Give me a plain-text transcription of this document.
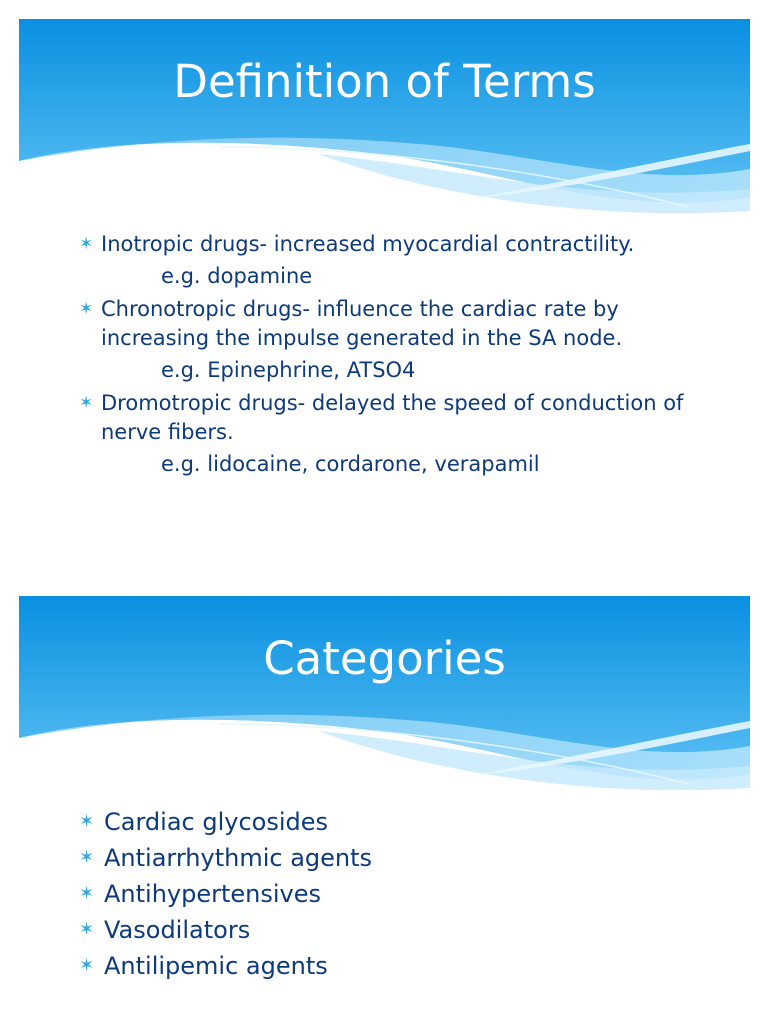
Definition of Terms
✶ Inotropic drugs- increased myocardial contractility.
e.g. dopamine
✶ Chronotropic drugs- influence the cardiac rate by increasing the impulse generated in the SA node.
e.g. Epinephrine, ATSO4
✶ Dromotropic drugs- delayed the speed of conduction of nerve fibers.
e.g. lidocaine, cordarone, verapamil
Categories
✶ Cardiac glycosides
✶ Antiarrhythmic agents
✶ Antihypertensives
✶ Vasodilators
✶ Antilipemic agents
